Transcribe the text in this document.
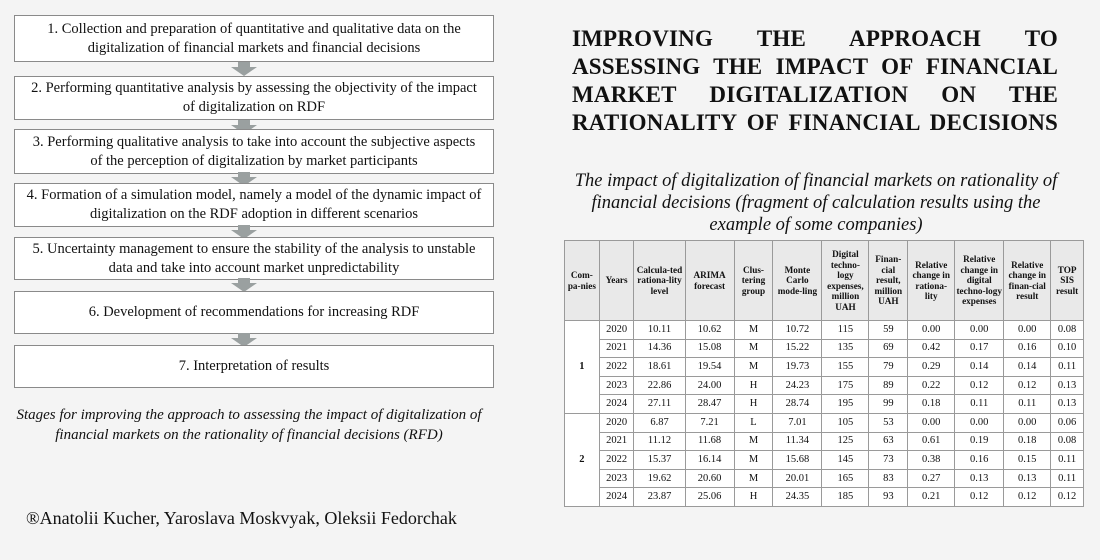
1. Collection and preparation of quantitative and qualitative data on the digitalization of financial markets and financial decisions
2. Performing quantitative analysis by assessing the objectivity of the impact of digitalization on RDF
3. Performing qualitative analysis to take into account the subjective aspects of the perception of digitalization by market participants
4. Formation of a simulation model, namely a model of the dynamic impact of digitalization on the RDF adoption in different scenarios
5. Uncertainty management to ensure the stability of the analysis to unstable data and take into account market unpredictability
6. Development of recommendations for increasing RDF
7. Interpretation of results
Stages for improving the approach to assessing the impact of digitalization of financial markets on the rationality of financial decisions (RFD)
®Anatolii Kucher, Yaroslava Moskvyak, Oleksii Fedorchak
IMPROVING THE APPROACH TO ASSESSING THE IMPACT OF FINANCIAL MARKET DIGITALIZATION ON THE RATIONALITY OF FINANCIAL DECISIONS
The impact of digitalization of financial markets on rationality of financial decisions (fragment of calculation results using the example of some companies)
Com-pa-nies	Years	Calcula-ted rationa-lity level	ARIMA forecast	Clus-tering group	Monte Carlo mode-ling	Digital techno-logy expenses, million UAH	Finan-cial result, million UAH	Relative change in rationa-lity	Relative change in digital techno-logy expenses	Relative change in finan-cial result	TOP SIS result
1	2020	10.11	10.62	M	10.72	115	59	0.00	0.00	0.00	0.08
	2021	14.36	15.08	M	15.22	135	69	0.42	0.17	0.16	0.10
	2022	18.61	19.54	M	19.73	155	79	0.29	0.14	0.14	0.11
	2023	22.86	24.00	H	24.23	175	89	0.22	0.12	0.12	0.13
	2024	27.11	28.47	H	28.74	195	99	0.18	0.11	0.11	0.13
2	2020	6.87	7.21	L	7.01	105	53	0.00	0.00	0.00	0.06
	2021	11.12	11.68	M	11.34	125	63	0.61	0.19	0.18	0.08
	2022	15.37	16.14	M	15.68	145	73	0.38	0.16	0.15	0.11
	2023	19.62	20.60	M	20.01	165	83	0.27	0.13	0.13	0.11
	2024	23.87	25.06	H	24.35	185	93	0.21	0.12	0.12	0.12
